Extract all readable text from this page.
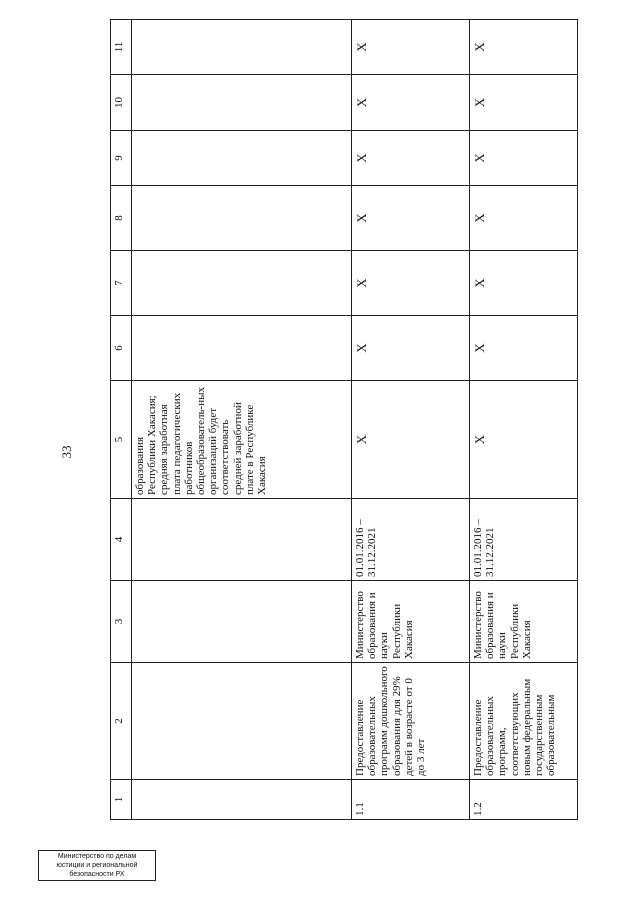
33
1	2	3	4	5	6	7	8	9	10	11
				образования Республики Хакасия; средняя заработная плата педагогических работников общеобразователь-ных организаций будет соответствовать средней заработной плате в Республике Хакасия						
1.1	Предоставление образовательных программ дошкольного образования для 29% детей в возрасте от 0 до 3 лет	Министерство образования и науки Республики Хакасия	01.01.2016 – 31.12.2021	Х	Х	Х	Х	Х	Х	Х
1.2	Предоставление образовательных программ, соответствующих новым федеральным государственным образовательным	Министерство образования и науки Республики Хакасия	01.01.2016 – 31.12.2021	Х	Х	Х	Х	Х	Х	Х
Министерство по делам
юстиции и региональной
безопасности РХ
